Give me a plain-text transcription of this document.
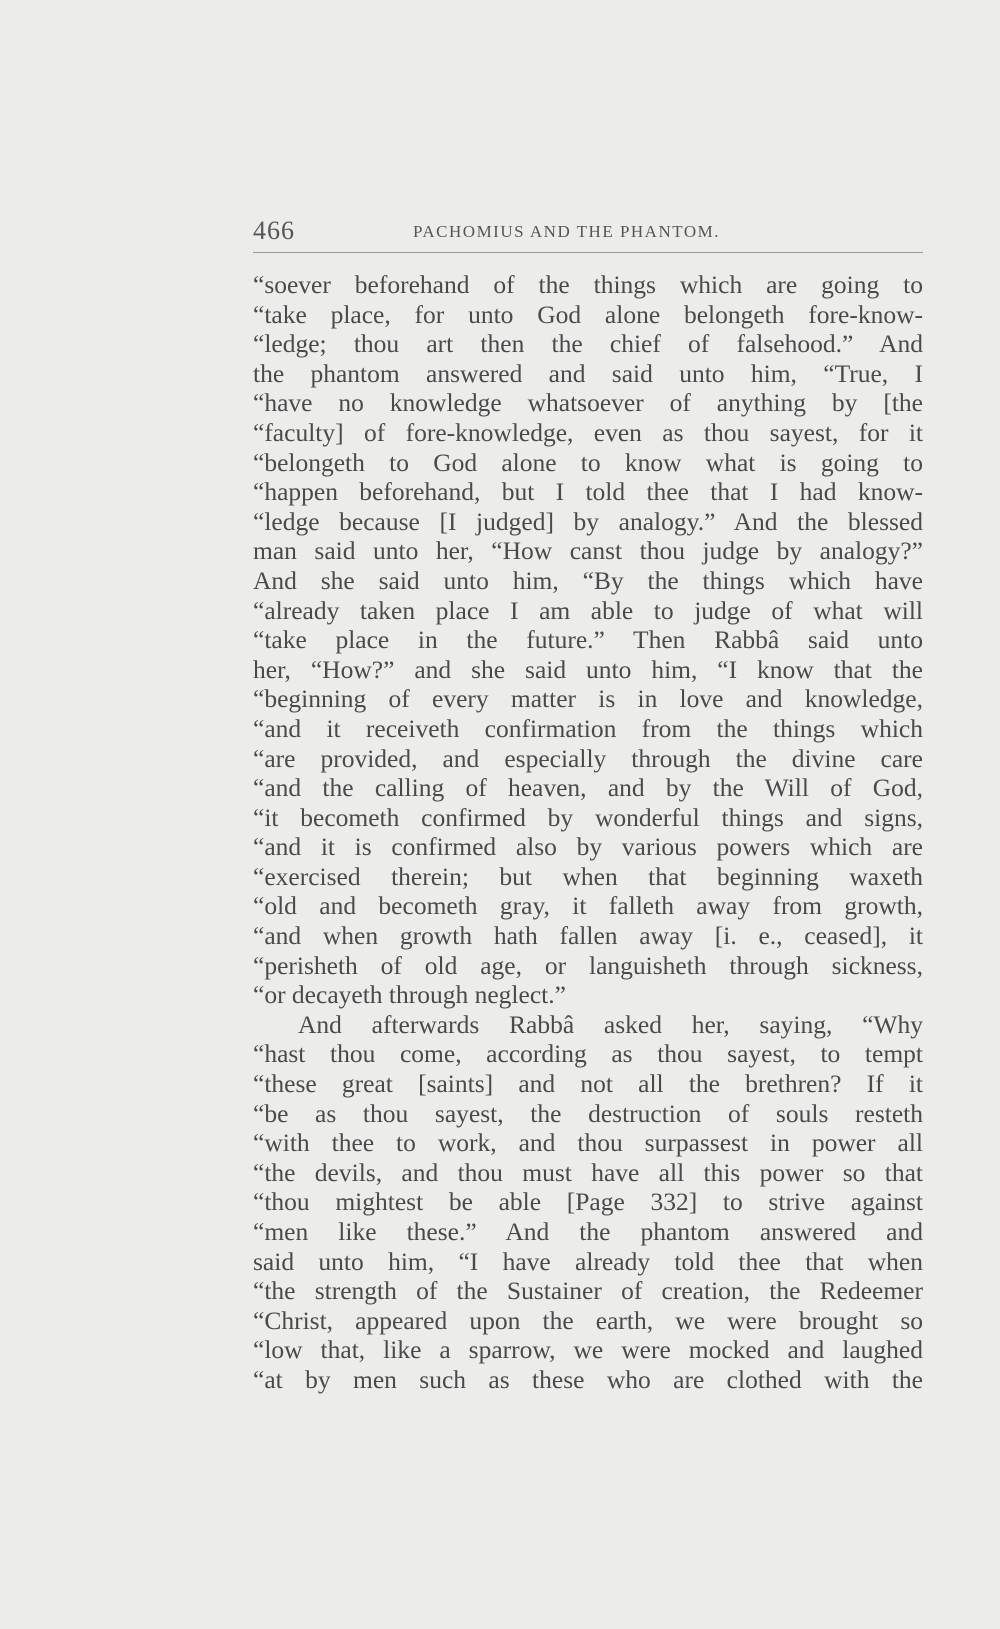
466	PACHOMIUS AND THE PHANTOM.
“soever beforehand of the things which are going to
“take place, for unto God alone belongeth fore-know-
“ledge; thou art then the chief of falsehood.” And
the phantom answered and said unto him, “True, I
“have no knowledge whatsoever of anything by [the
“faculty] of fore-knowledge, even as thou sayest, for it
“belongeth to God alone to know what is going to
“happen beforehand, but I told thee that I had know-
“ledge because [I judged] by analogy.” And the blessed
man said unto her, “How canst thou judge by analogy?”
And she said unto him, “By the things which have
“already taken place I am able to judge of what will
“take place in the future.” Then Rabbâ said unto
her, “How?” and she said unto him, “I know that the
“beginning of every matter is in love and knowledge,
“and it receiveth confirmation from the things which
“are provided, and especially through the divine care
“and the calling of heaven, and by the Will of God,
“it becometh confirmed by wonderful things and signs,
“and it is confirmed also by various powers which are
“exercised therein; but when that beginning waxeth
“old and becometh gray, it falleth away from growth,
“and when growth hath fallen away [i. e., ceased], it
“perisheth of old age, or languisheth through sickness,
“or decayeth through neglect.”
And afterwards Rabbâ asked her, saying, “Why
“hast thou come, according as thou sayest, to tempt
“these great [saints] and not all the brethren? If it
“be as thou sayest, the destruction of souls resteth
“with thee to work, and thou surpassest in power all
“the devils, and thou must have all this power so that
“thou mightest be able [Page 332] to strive against
“men like these.” And the phantom answered and
said unto him, “I have already told thee that when
“the strength of the Sustainer of creation, the Redeemer
“Christ, appeared upon the earth, we were brought so
“low that, like a sparrow, we were mocked and laughed
“at by men such as these who are clothed with the
